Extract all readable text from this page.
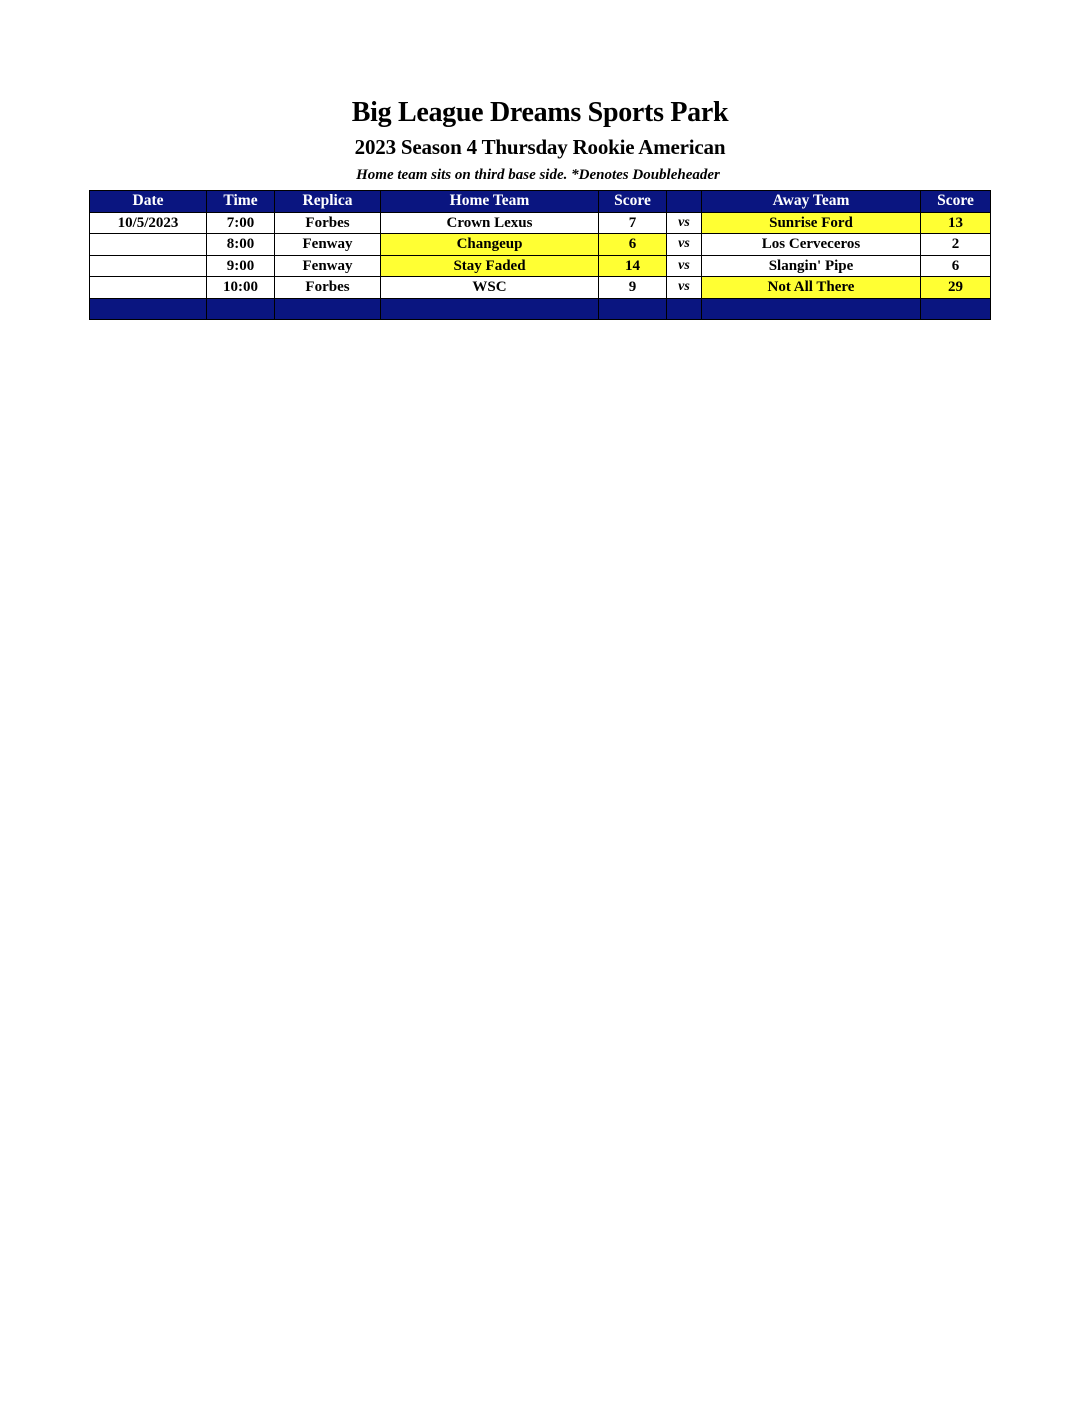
Big League Dreams Sports Park
2023 Season 4 Thursday Rookie American
Home team sits on third base side. *Denotes Doubleheader
Date	Time	Replica	Home Team	Score		Away Team	Score
10/5/2023	7:00	Forbes	Crown Lexus	7	vs	Sunrise Ford	13
	8:00	Fenway	Changeup	6	vs	Los Cerveceros	2
	9:00	Fenway	Stay Faded	14	vs	Slangin' Pipe	6
	10:00	Forbes	WSC	9	vs	Not All There	29
